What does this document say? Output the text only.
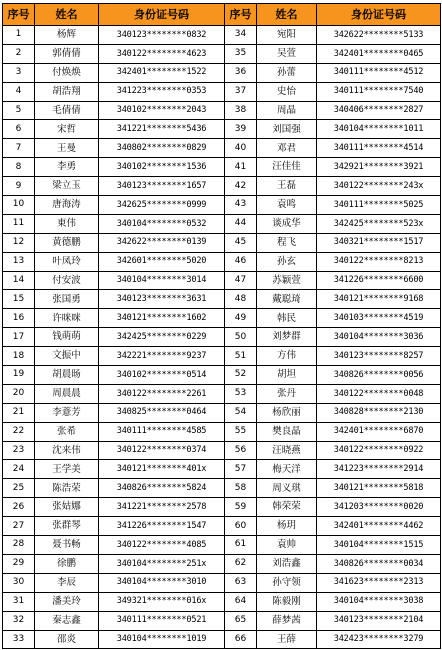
序号	姓名	身份证号码	序号	姓名	身份证号码
1	杨辉	340123********0832	34	宛阳	342622********5133
2	郭倩倩	340122********4623	35	吴萱	342401********0465
3	付焕焕	342401********1522	36	孙蕾	340111********4512
4	胡浩翔	341223********0353	37	史怡	340111********7540
5	毛倩倩	340102********2043	38	周晶	340406********2827
6	宋哲	341221********5436	39	刘国强	340104********1011
7	王曼	340802********0829	40	邓君	340111********4514
8	李勇	340102********1536	41	汪佳佳	342921********3921
9	梁立玉	340123********1657	42	王磊	340122********243x
10	唐海涛	342625********0999	43	袁鸣	340111********5025
11	東伟	340104********0532	44	谈成华	342425********523x
12	黄德鹏	342622********0139	45	程飞	340321********1517
13	叶凤玲	342601********5020	46	孙玄	340122********8213
14	付安波	340104********3014	47	苏颖萱	341226********6600
15	张国勇	340123********3631	48	戴聪琦	340121********9168
16	许咪咪	340121********1602	49	韩民	340103********4519
17	钱萌萌	342425********0229	50	刘梦群	340104********3036
18	文振中	342221********9237	51	方伟	340123********8257
19	胡晨旸	340102********0514	52	胡坦	340826********0056
20	周晨晨	340122********2261	53	张丹	340122********0048
21	李薏芳	340825********0464	54	杨欣丽	340828********2130
22	张希	340111********4585	55	樊良晶	342401********6870
23	沈来伟	340122********0374	56	汪晓燕	340122********0922
24	王学美	340121********401x	57	梅天洋	341223********2914
25	陈浩荣	340826********5824	58	周义琪	340121********5818
26	张姑娜	341221********2578	59	韩荣荣	341203********0020
27	张群琴	341226********1547	60	杨玥	342401********4462
28	聂书畅	340122********4085	61	袁帅	340104********1515
29	徐鹏	340104********251x	62	刘浩鑫	340826********0034
30	李辰	340104********3010	63	孙守领	341623********2313
31	潘美玲	349321********016x	64	陈毅刚	340104********3038
32	秦志鑫	340111********0521	65	薛梦茜	340123********2104
33	邵炎	340104********1019	66	王薛	342423********3279
